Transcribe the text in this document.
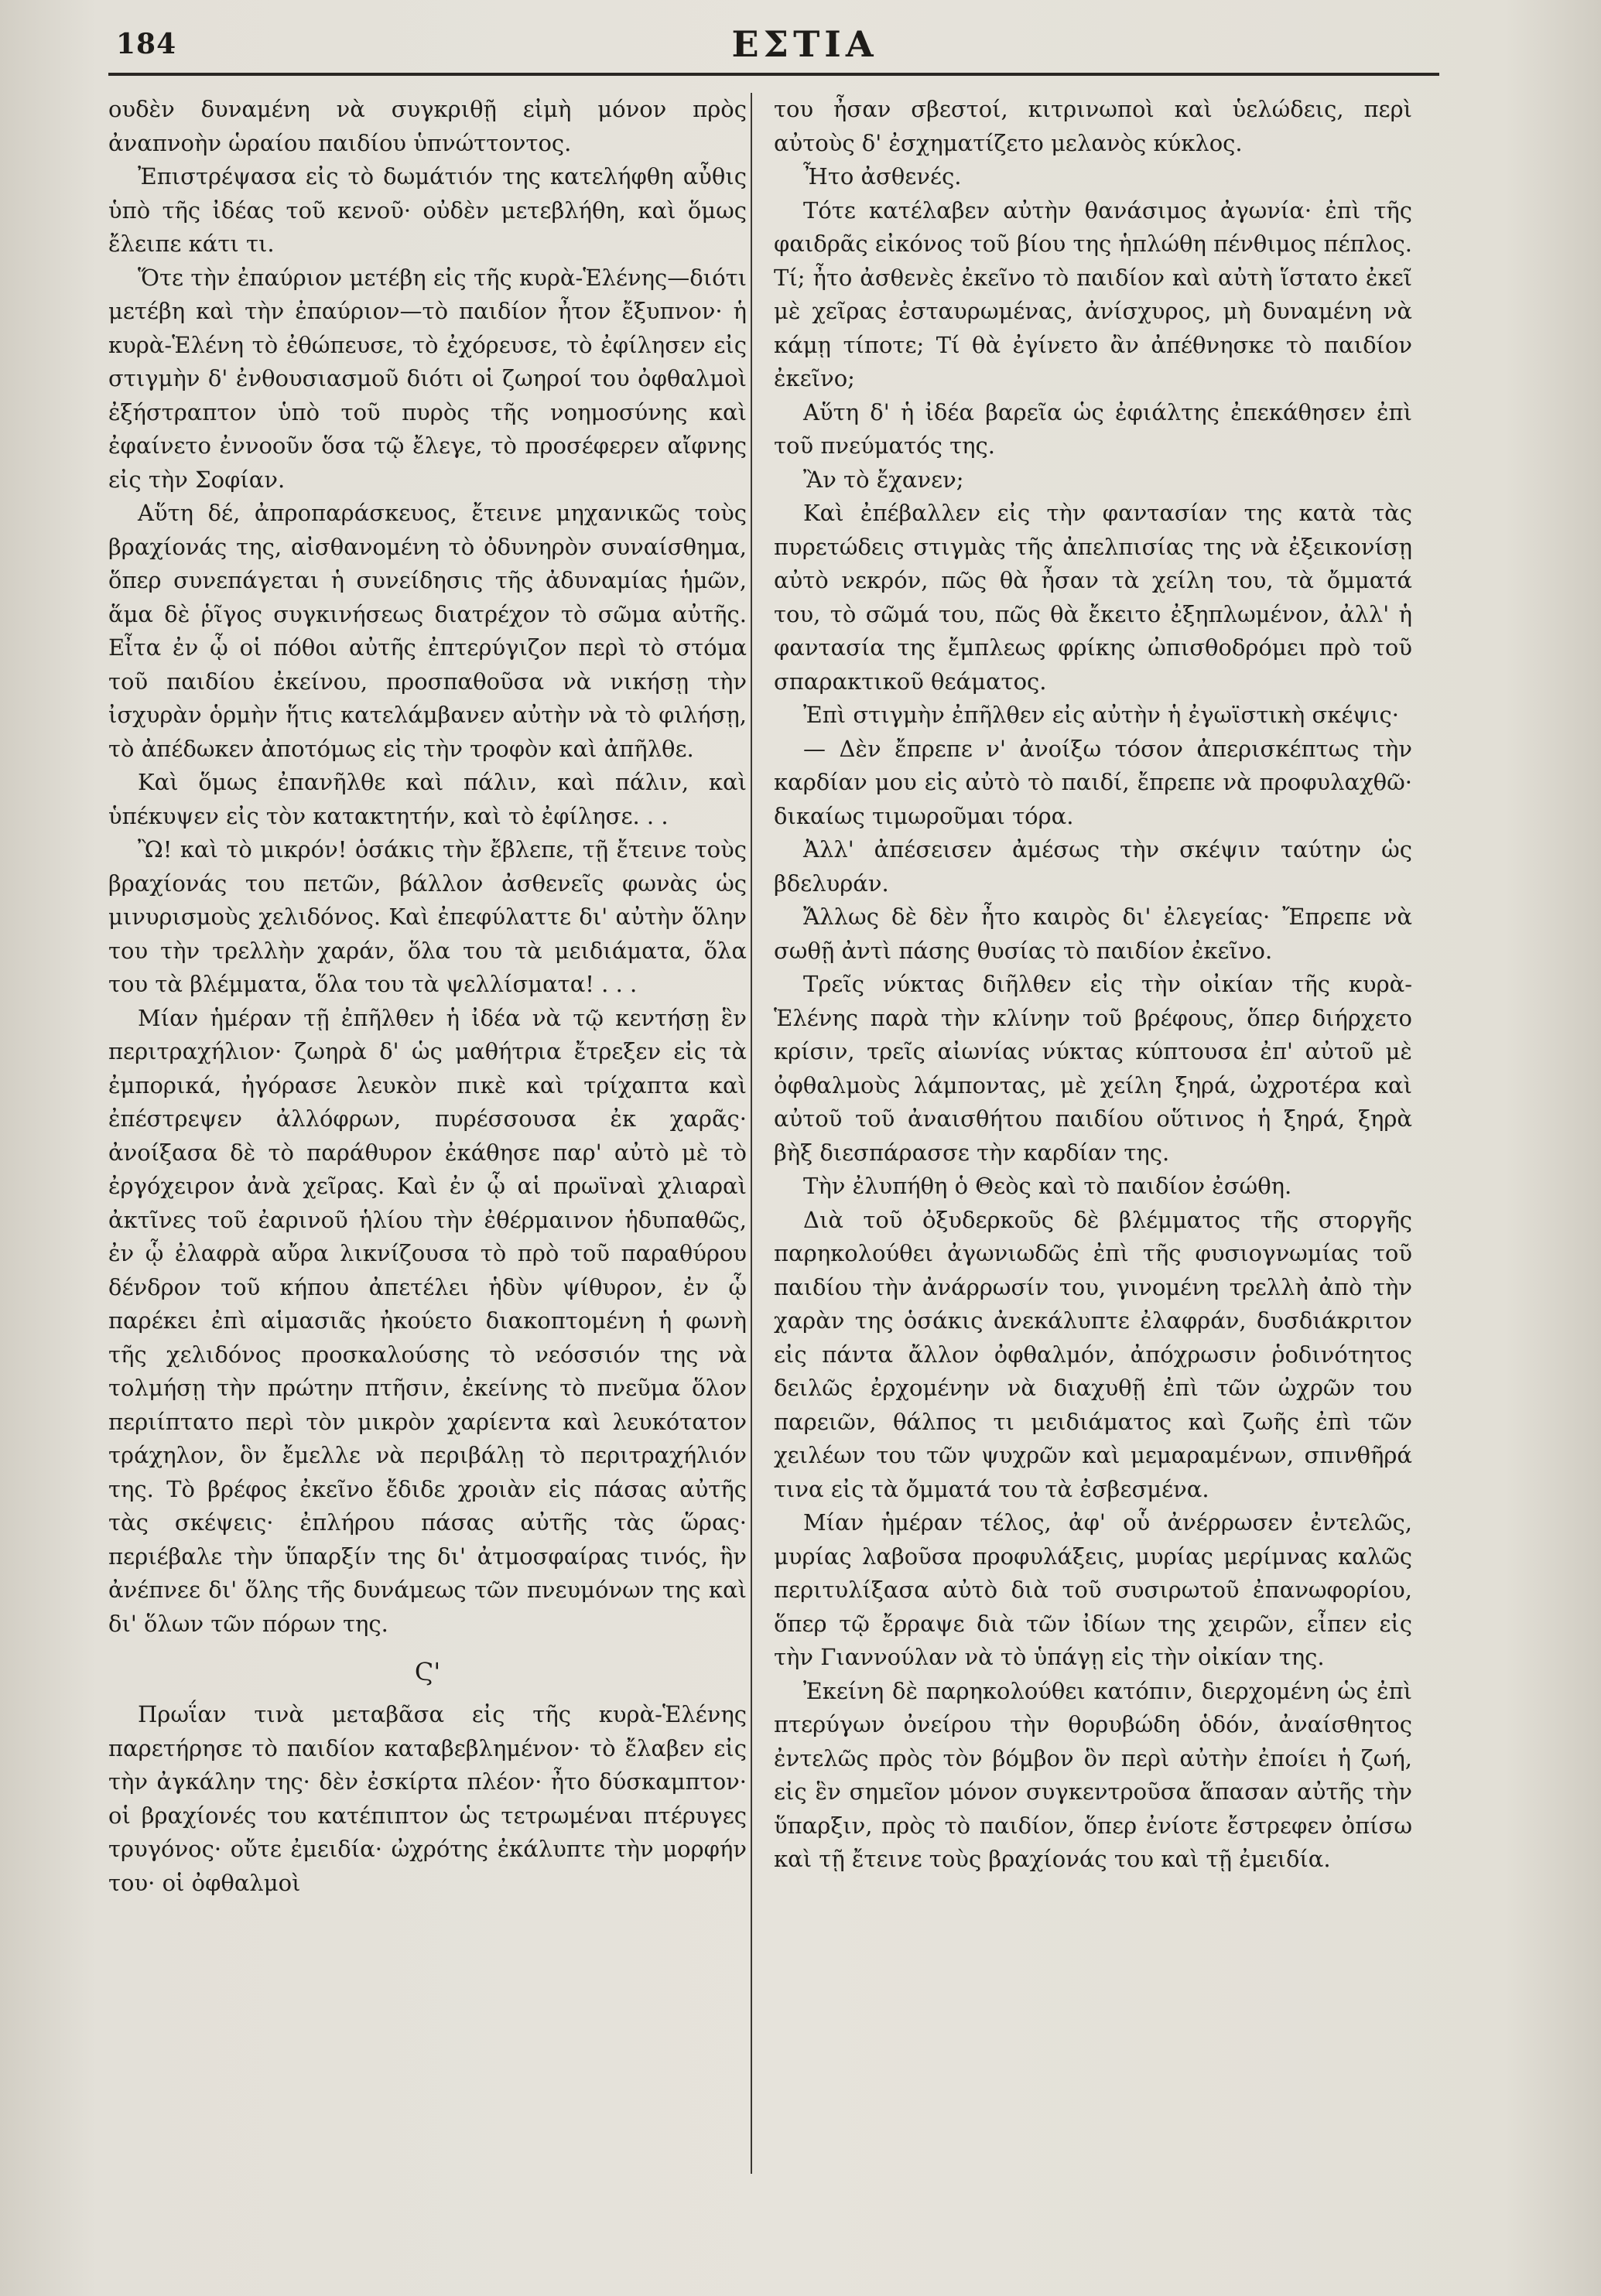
184	ΕΣΤΙΑ

ουδὲν δυναμένη νὰ συγκριθῇ εἰμὴ μόνον πρὸς ἀναπνοὴν ὡραίου παιδίου ὑπνώττοντος.

Ἐπιστρέψασα εἰς τὸ δωμάτιόν της κατελήφθη αὖθις ὑπὸ τῆς ἰδέας τοῦ κενοῦ· οὐδὲν μετεβλήθη, καὶ ὅμως ἔλειπε κάτι τι.

Ὅτε τὴν ἐπαύριον μετέβη εἰς τῆς κυρὰ-Ἑλένης—διότι μετέβη καὶ τὴν ἐπαύριον—τὸ παιδίον ἦτον ἔξυπνον· ἡ κυρὰ-Ἑλένη τὸ ἐθώπευσε, τὸ ἐχόρευσε, τὸ ἐφίλησεν εἰς στιγμὴν δ' ἐνθουσιασμοῦ διότι οἱ ζωηροί του ὀφθαλμοὶ ἐξήστραπτον ὑπὸ τοῦ πυρὸς τῆς νοημοσύνης καὶ ἐφαίνετο ἐννοοῦν ὅσα τῷ ἔλεγε, τὸ προσέφερεν αἴφνης εἰς τὴν Σοφίαν.

Αὕτη δέ, ἀπροπαράσκευος, ἔτεινε μηχανικῶς τοὺς βραχίονάς της, αἰσθανομένη τὸ ὀδυνηρὸν συναίσθημα, ὅπερ συνεπάγεται ἡ συνείδησις τῆς ἀδυναμίας ἡμῶν, ἅμα δὲ ῥῖγος συγκινήσεως διατρέχον τὸ σῶμα αὐτῆς. Εἶτα ἐν ᾧ οἱ πόθοι αὐτῆς ἐπτερύγιζον περὶ τὸ στόμα τοῦ παιδίου ἐκείνου, προσπαθοῦσα νὰ νικήσῃ τὴν ἰσχυρὰν ὁρμὴν ἥτις κατελάμβανεν αὐτὴν νὰ τὸ φιλήσῃ, τὸ ἀπέδωκεν ἀποτόμως εἰς τὴν τροφὸν καὶ ἀπῆλθε.

Καὶ ὅμως ἐπανῆλθε καὶ πάλιν, καὶ πάλιν, καὶ ὑπέκυψεν εἰς τὸν κατακτητήν, καὶ τὸ ἐφίλησε. . .

Ὢ! καὶ τὸ μικρόν! ὁσάκις τὴν ἔβλεπε, τῇ ἔτεινε τοὺς βραχίονάς του πετῶν, βάλλον ἀσθενεῖς φωνὰς ὡς μινυρισμοὺς χελιδόνος. Καὶ ἐπεφύλαττε δι' αὐτὴν ὅλην του τὴν τρελλὴν χαράν, ὅλα του τὰ μειδιάματα, ὅλα του τὰ βλέμματα, ὅλα του τὰ ψελλίσματα! . . .

Μίαν ἡμέραν τῇ ἐπῆλθεν ἡ ἰδέα νὰ τῷ κεντήσῃ ἓν περιτραχήλιον· ζωηρὰ δ' ὡς μαθήτρια ἔτρεξεν εἰς τὰ ἐμπορικά, ἠγόρασε λευκὸν πικὲ καὶ τρίχαπτα καὶ ἐπέστρεψεν ἀλλόφρων, πυρέσσουσα ἐκ χαρᾶς· ἀνοίξασα δὲ τὸ παράθυρον ἐκάθησε παρ' αὐτὸ μὲ τὸ ἐργόχειρον ἀνὰ χεῖρας. Καὶ ἐν ᾧ αἱ πρωϊναὶ χλιαραὶ ἀκτῖνες τοῦ ἐαρινοῦ ἡλίου τὴν ἐθέρμαινον ἡδυπαθῶς, ἐν ᾧ ἐλαφρὰ αὔρα λικνίζουσα τὸ πρὸ τοῦ παραθύρου δένδρον τοῦ κήπου ἀπετέλει ἡδὺν ψίθυρον, ἐν ᾧ παρέκει ἐπὶ αἱμασιᾶς ἠκούετο διακοπτομένη ἡ φωνὴ τῆς χελιδόνος προσκαλούσης τὸ νεόσσιόν της νὰ τολμήσῃ τὴν πρώτην πτῆσιν, ἐκείνης τὸ πνεῦμα ὅλον περιίπτατο περὶ τὸν μικρὸν χαρίεντα καὶ λευκότατον τράχηλον, ὃν ἔμελλε νὰ περιβάλῃ τὸ περιτραχήλιόν της. Τὸ βρέφος ἐκεῖνο ἔδιδε χροιὰν εἰς πάσας αὐτῆς τὰς σκέψεις· ἐπλήρου πάσας αὐτῆς τὰς ὥρας· περιέβαλε τὴν ὕπαρξίν της δι' ἀτμοσφαίρας τινός, ἣν ἀνέπνεε δι' ὅλης τῆς δυνάμεως τῶν πνευμόνων της καὶ δι' ὅλων τῶν πόρων της.

Ϛ'

Πρωΐαν τινὰ μεταβᾶσα εἰς τῆς κυρὰ-Ἑλένης παρετήρησε τὸ παιδίον καταβεβλημένον· τὸ ἔλαβεν εἰς τὴν ἀγκάλην της· δὲν ἐσκίρτα πλέον· ἦτο δύσκαμπτον· οἱ βραχίονές του κατέπιπτον ὡς τετρωμέναι πτέρυγες τρυγόνος· οὔτε ἐμειδία· ὠχρότης ἐκάλυπτε τὴν μορφήν του· οἱ ὀφθαλμοὶ

του ἦσαν σβεστοί, κιτρινωποὶ καὶ ὑελώδεις, περὶ αὐτοὺς δ' ἐσχηματίζετο μελανὸς κύκλος.

Ἦτο ἀσθενές.

Τότε κατέλαβεν αὐτὴν θανάσιμος ἀγωνία· ἐπὶ τῆς φαιδρᾶς εἰκόνος τοῦ βίου της ἡπλώθη πένθιμος πέπλος. Τί; ἦτο ἀσθενὲς ἐκεῖνο τὸ παιδίον καὶ αὐτὴ ἵστατο ἐκεῖ μὲ χεῖρας ἐσταυρωμένας, ἀνίσχυρος, μὴ δυναμένη νὰ κάμῃ τίποτε; Τί θὰ ἐγίνετο ἂν ἀπέθνησκε τὸ παιδίον ἐκεῖνο;

Αὕτη δ' ἡ ἰδέα βαρεῖα ὡς ἐφιάλτης ἐπεκάθησεν ἐπὶ τοῦ πνεύματός της.

Ἂν τὸ ἔχανεν;

Καὶ ἐπέβαλλεν εἰς τὴν φαντασίαν της κατὰ τὰς πυρετώδεις στιγμὰς τῆς ἀπελπισίας της νὰ ἐξεικονίσῃ αὐτὸ νεκρόν, πῶς θὰ ἦσαν τὰ χείλη του, τὰ ὄμματά του, τὸ σῶμά του, πῶς θὰ ἔκειτο ἐξηπλωμένον, ἀλλ' ἡ φαντασία της ἔμπλεως φρίκης ὠπισθοδρόμει πρὸ τοῦ σπαρακτικοῦ θεάματος.

Ἐπὶ στιγμὴν ἐπῆλθεν εἰς αὐτὴν ἡ ἐγωϊστικὴ σκέψις·

— Δὲν ἔπρεπε ν' ἀνοίξω τόσον ἀπερισκέπτως τὴν καρδίαν μου εἰς αὐτὸ τὸ παιδί, ἔπρεπε νὰ προφυλαχθῶ· δικαίως τιμωροῦμαι τόρα.

Ἀλλ' ἀπέσεισεν ἀμέσως τὴν σκέψιν ταύτην ὡς βδελυράν.

Ἄλλως δὲ δὲν ἦτο καιρὸς δι' ἐλεγείας· Ἔπρεπε νὰ σωθῇ ἀντὶ πάσης θυσίας τὸ παιδίον ἐκεῖνο.

Τρεῖς νύκτας διῆλθεν εἰς τὴν οἰκίαν τῆς κυρὰ-Ἑλένης παρὰ τὴν κλίνην τοῦ βρέφους, ὅπερ διήρχετο κρίσιν, τρεῖς αἰωνίας νύκτας κύπτουσα ἐπ' αὐτοῦ μὲ ὀφθαλμοὺς λάμποντας, μὲ χείλη ξηρά, ὠχροτέρα καὶ αὐτοῦ τοῦ ἀναισθήτου παιδίου οὕτινος ἡ ξηρά, ξηρὰ βὴξ διεσπάρασσε τὴν καρδίαν της.

Τὴν ἐλυπήθη ὁ Θεὸς καὶ τὸ παιδίον ἐσώθη.

Διὰ τοῦ ὀξυδερκοῦς δὲ βλέμματος τῆς στοργῆς παρηκολούθει ἀγωνιωδῶς ἐπὶ τῆς φυσιογνωμίας τοῦ παιδίου τὴν ἀνάρρωσίν του, γινομένη τρελλὴ ἀπὸ τὴν χαρὰν της ὁσάκις ἀνεκάλυπτε ἐλαφράν, δυσδιάκριτον εἰς πάντα ἄλλον ὀφθαλμόν, ἀπόχρωσιν ῥοδινότητος δειλῶς ἐρχομένην νὰ διαχυθῇ ἐπὶ τῶν ὠχρῶν του παρειῶν, θάλπος τι μειδιάματος καὶ ζωῆς ἐπὶ τῶν χειλέων του τῶν ψυχρῶν καὶ μεμαραμένων, σπινθῆρά τινα εἰς τὰ ὄμματά του τὰ ἐσβεσμένα.

Μίαν ἡμέραν τέλος, ἀφ' οὗ ἀνέρρωσεν ἐντελῶς, μυρίας λαβοῦσα προφυλάξεις, μυρίας μερίμνας καλῶς περιτυλίξασα αὐτὸ διὰ τοῦ συσιρωτοῦ ἐπανωφορίου, ὅπερ τῷ ἔρραψε διὰ τῶν ἰδίων της χειρῶν, εἶπεν εἰς τὴν Γιαννούλαν νὰ τὸ ὑπάγῃ εἰς τὴν οἰκίαν της.

Ἐκείνη δὲ παρηκολούθει κατόπιν, διερχομένη ὡς ἐπὶ πτερύγων ὀνείρου τὴν θορυβώδη ὁδόν, ἀναίσθητος ἐντελῶς πρὸς τὸν βόμβον ὃν περὶ αὐτὴν ἐποίει ἡ ζωή, εἰς ἓν σημεῖον μόνον συγκεντροῦσα ἅπασαν αὐτῆς τὴν ὕπαρξιν, πρὸς τὸ παιδίον, ὅπερ ἐνίοτε ἔστρεφεν ὀπίσω καὶ τῇ ἔτεινε τοὺς βραχίονάς του καὶ τῇ ἐμειδία.
